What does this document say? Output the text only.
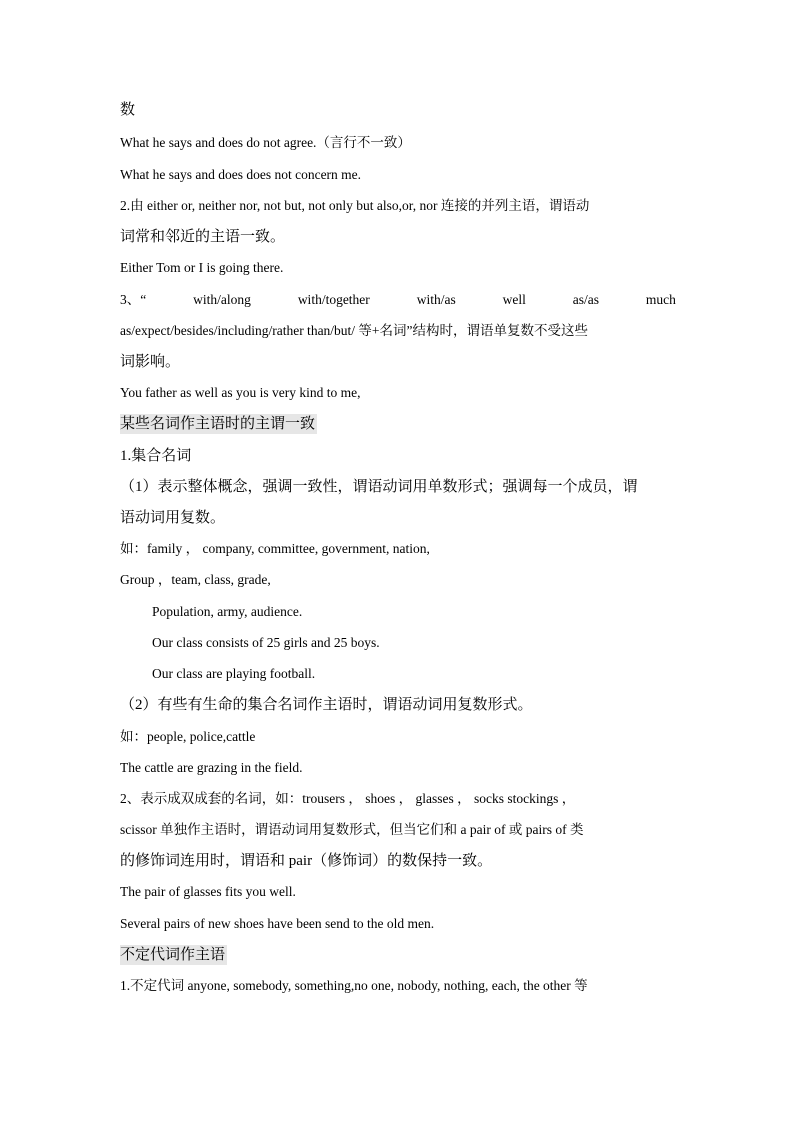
数
What he says and does do not agree.（言行不一致）
What he says and does does not concern me.
2.由 either or, neither nor, not but, not only but also,or, nor 连接的并列主语，谓语动
词常和邻近的主语一致。
Either Tom or I is going there.
3、“	with/along	with/together	with/as	well	as/as	much
as/expect/besides/including/rather than/but/ 等+名词”结构时，谓语单复数不受这些
词影响。
You father as well as you is very kind to me,
某些名词作主语时的主谓一致
1.集合名词
（1）表示整体概念，强调一致性，谓语动词用单数形式；强调每一个成员，谓
语动词用复数。
如：family ， company, committee, government, nation,
Group ，team, class, grade,
Population, army, audience.
Our class consists of 25 girls and 25 boys.
Our class are playing football.
（2）有些有生命的集合名词作主语时，谓语动词用复数形式。
如：people, police,cattle
The cattle are grazing in the field.
2、表示成双成套的名词，如：trousers ， shoes ， glasses ， socks stockings ，
scissor 单独作主语时，谓语动词用复数形式，但当它们和 a pair of 或 pairs of 类
的修饰词连用时，谓语和 pair（修饰词）的数保持一致。
The pair of glasses fits you well.
Several pairs of new shoes have been send to the old men.
不定代词作主语
1.不定代词 anyone, somebody, something,no one, nobody, nothing, each, the other 等
